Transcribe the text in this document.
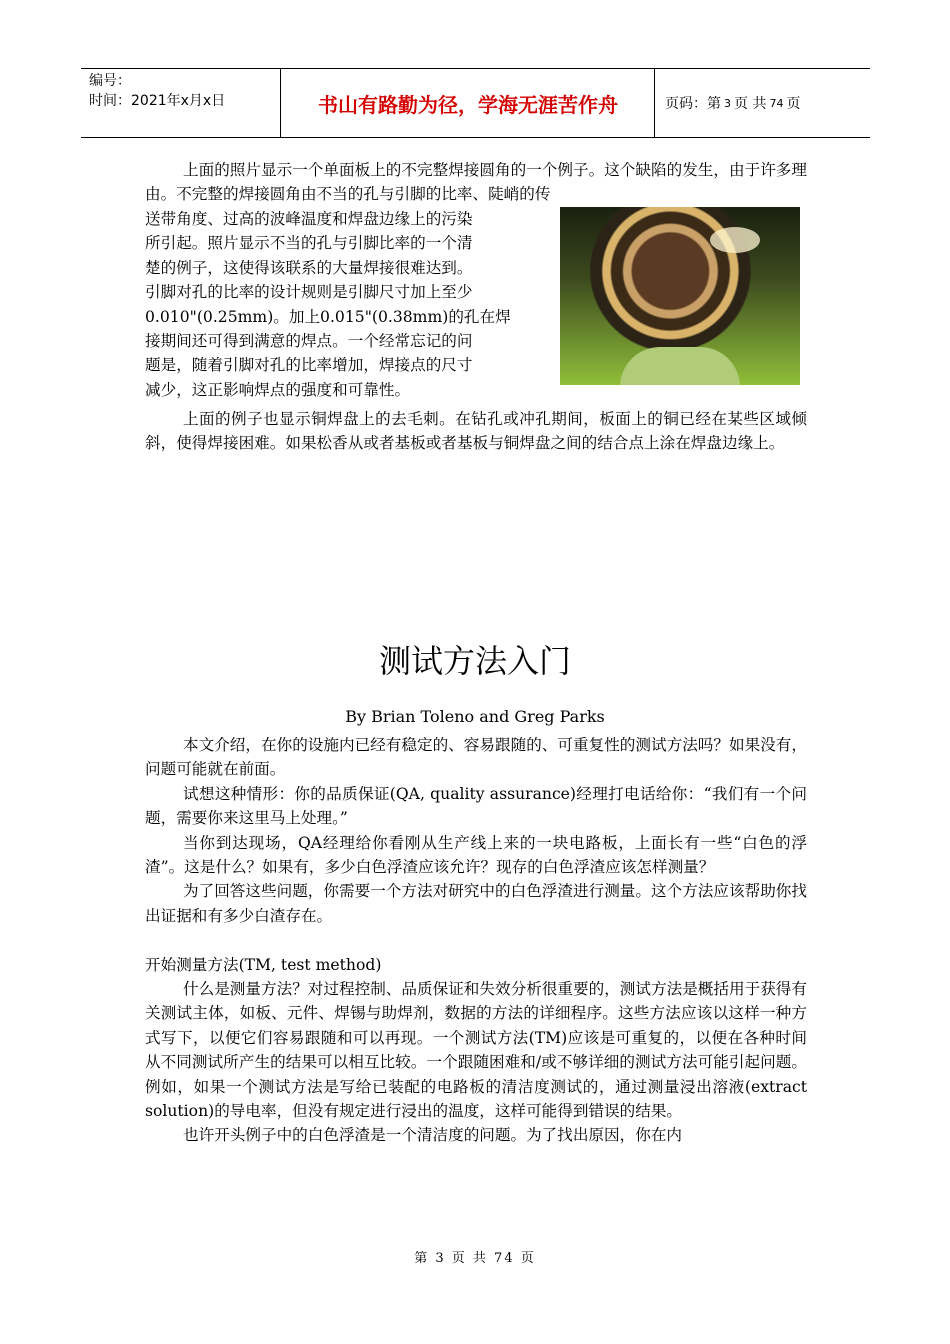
编号：
时间：2021年x月x日	书山有路勤为径，学海无涯苦作舟	页码：第 3 页 共 74 页

上面的照片显示一个单面板上的不完整焊接圆角的一个例子。这个缺陷的发生，由于许多理由。不完整的焊接圆角由不当的孔与引脚的比率、陡峭的传

送带角度、过高的波峰温度和焊盘边缘上的污染
所引起。照片显示不当的孔与引脚比率的一个清
楚的例子，这使得该联系的大量焊接很难达到。
引脚对孔的比率的设计规则是引脚尺寸加上至少
0.010"(0.25mm)。加上0.015"(0.38mm)的孔在焊
接期间还可得到满意的焊点。一个经常忘记的问
题是，随着引脚对孔的比率增加，焊接点的尺寸
减少，这正影响焊点的强度和可靠性。

上面的例子也显示铜焊盘上的去毛刺。在钻孔或冲孔期间，板面上的铜已经在某些区域倾斜，使得焊接困难。如果松香从或者基板或者基板与铜焊盘之间的结合点上涂在焊盘边缘上。

测试方法入门
By Brian Toleno and Greg Parks

本文介绍，在你的设施内已经有稳定的、容易跟随的、可重复性的测试方法吗？如果没有，问题可能就在前面。

试想这种情形：你的品质保证(QA, quality assurance)经理打电话给你：“我们有一个问题，需要你来这里马上处理。”

当你到达现场，QA经理给你看刚从生产线上来的一块电路板，上面长有一些“白色的浮渣”。这是什么？如果有，多少白色浮渣应该允许？现存的白色浮渣应该怎样测量？

为了回答这些问题，你需要一个方法对研究中的白色浮渣进行测量。这个方法应该帮助你找出证据和有多少白渣存在。

开始测量方法(TM, test method)

什么是测量方法？对过程控制、品质保证和失效分析很重要的，测试方法是概括用于获得有关测试主体，如板、元件、焊锡与助焊剂，数据的方法的详细程序。这些方法应该以这样一种方式写下，以便它们容易跟随和可以再现。一个测试方法(TM)应该是可重复的，以便在各种时间从不同测试所产生的结果可以相互比较。一个跟随困难和/或不够详细的测试方法可能引起问题。例如，如果一个测试方法是写给已装配的电路板的清洁度测试的，通过测量浸出溶液(extract solution)的导电率，但没有规定进行浸出的温度，这样可能得到错误的结果。

也许开头例子中的白色浮渣是一个清洁度的问题。为了找出原因，你在内

第 3 页 共 74 页
